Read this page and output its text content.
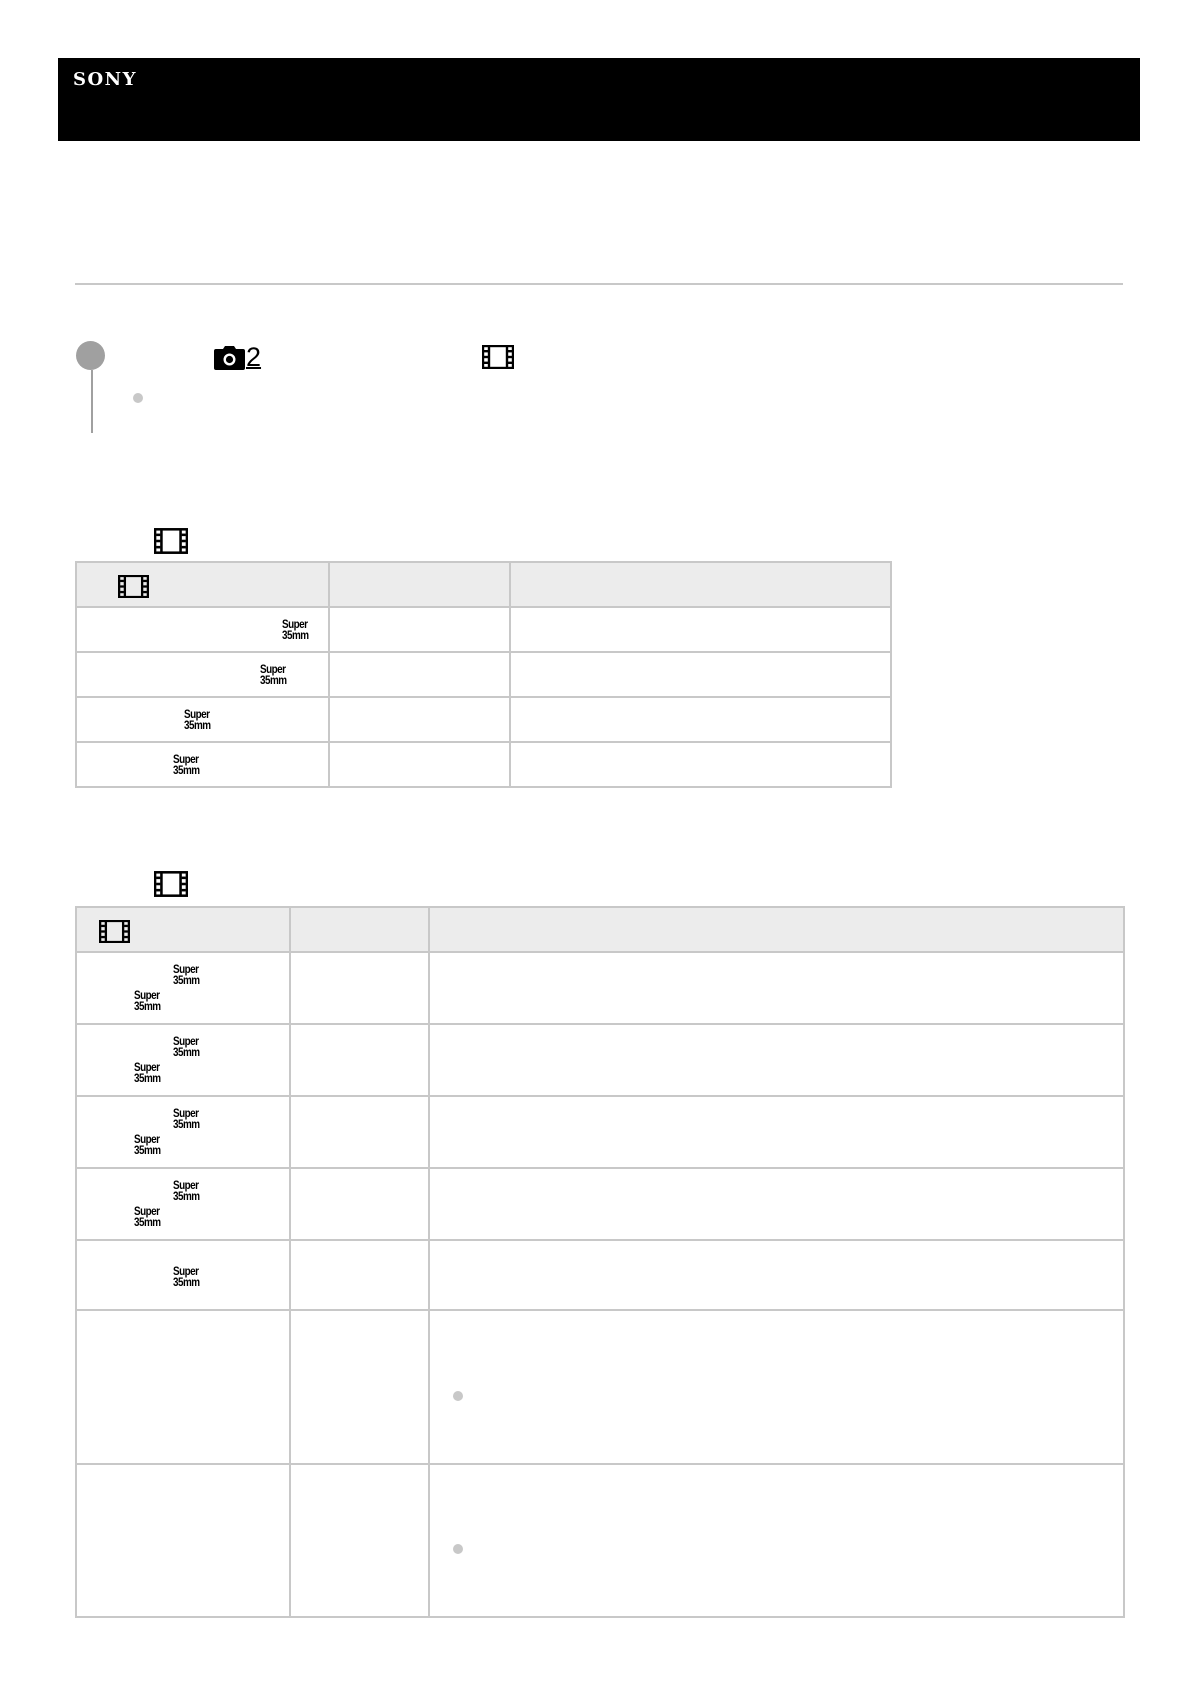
SONY

2

Super
35mm		

Super
35mm		

Super
35mm		

Super
35mm		

Super
35mm
Super
35mm		

Super
35mm
Super
35mm		

Super
35mm
Super
35mm		

Super
35mm
Super
35mm		

Super
35mm		
